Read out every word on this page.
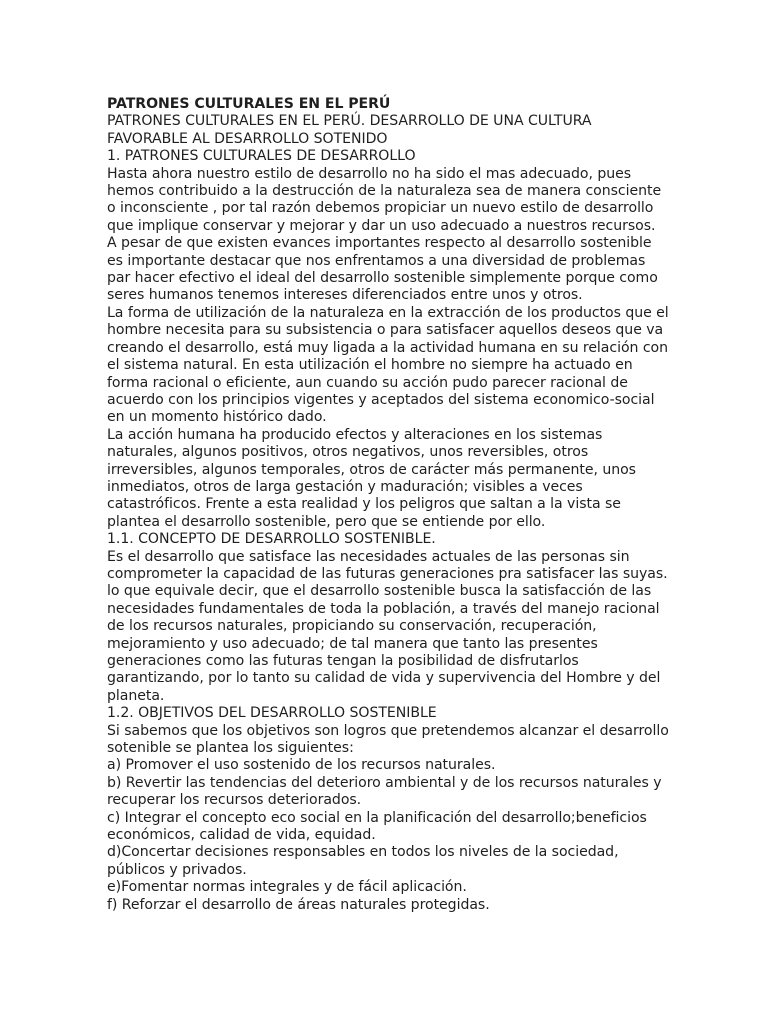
PATRONES CULTURALES EN EL PERÚ
PATRONES CULTURALES EN EL PERÚ. DESARROLLO DE UNA CULTURA
FAVORABLE AL DESARROLLO SOTENIDO
1. PATRONES CULTURALES DE DESARROLLO
Hasta ahora nuestro estilo de desarrollo no ha sido el mas adecuado, pues
hemos contribuido a la destrucción de la naturaleza sea de manera consciente
o inconsciente , por tal razón debemos propiciar un nuevo estilo de desarrollo
que implique conservar y mejorar y dar un uso adecuado a nuestros recursos.
A pesar de que existen evances importantes respecto al desarrollo sostenible
es importante destacar que nos enfrentamos a una diversidad de problemas
par hacer efectivo el ideal del desarrollo sostenible simplemente porque como
seres humanos tenemos intereses diferenciados entre unos y otros.
La forma de utilización de la naturaleza en la extracción de los productos que el
hombre necesita para su subsistencia o para satisfacer aquellos deseos que va
creando el desarrollo, está muy ligada a la actividad humana en su relación con
el sistema natural. En esta utilización el hombre no siempre ha actuado en
forma racional o eficiente, aun cuando su acción pudo parecer racional de
acuerdo con los principios vigentes y aceptados del sistema economico-social
en un momento histórico dado.
La acción humana ha producido efectos y alteraciones en los sistemas
naturales, algunos positivos, otros negativos, unos reversibles, otros
irreversibles, algunos temporales, otros de carácter más permanente, unos
inmediatos, otros de larga gestación y maduración; visibles a veces
catastróficos. Frente a esta realidad y los peligros que saltan a la vista se
plantea el desarrollo sostenible, pero que se entiende por ello.
1.1. CONCEPTO DE DESARROLLO SOSTENIBLE.
Es el desarrollo que satisface las necesidades actuales de las personas sin
comprometer la capacidad de las futuras generaciones pra satisfacer las suyas.
lo que equivale decir, que el desarrollo sostenible busca la satisfacción de las
necesidades fundamentales de toda la población, a través del manejo racional
de los recursos naturales, propiciando su conservación, recuperación,
mejoramiento y uso adecuado; de tal manera que tanto las presentes
generaciones como las futuras tengan la posibilidad de disfrutarlos
garantizando, por lo tanto su calidad de vida y supervivencia del Hombre y del
planeta.
1.2. OBJETIVOS DEL DESARROLLO SOSTENIBLE
Si sabemos que los objetivos son logros que pretendemos alcanzar el desarrollo
sotenible se plantea los siguientes:
a) Promover el uso sostenido de los recursos naturales.
b) Revertir las tendencias del deterioro ambiental y de los recursos naturales y
recuperar los recursos deteriorados.
c) Integrar el concepto eco social en la planificación del desarrollo;beneficios
económicos, calidad de vida, equidad.
d)Concertar decisiones responsables en todos los niveles de la sociedad,
públicos y privados.
e)Fomentar normas integrales y de fácil aplicación.
f) Reforzar el desarrollo de áreas naturales protegidas.
